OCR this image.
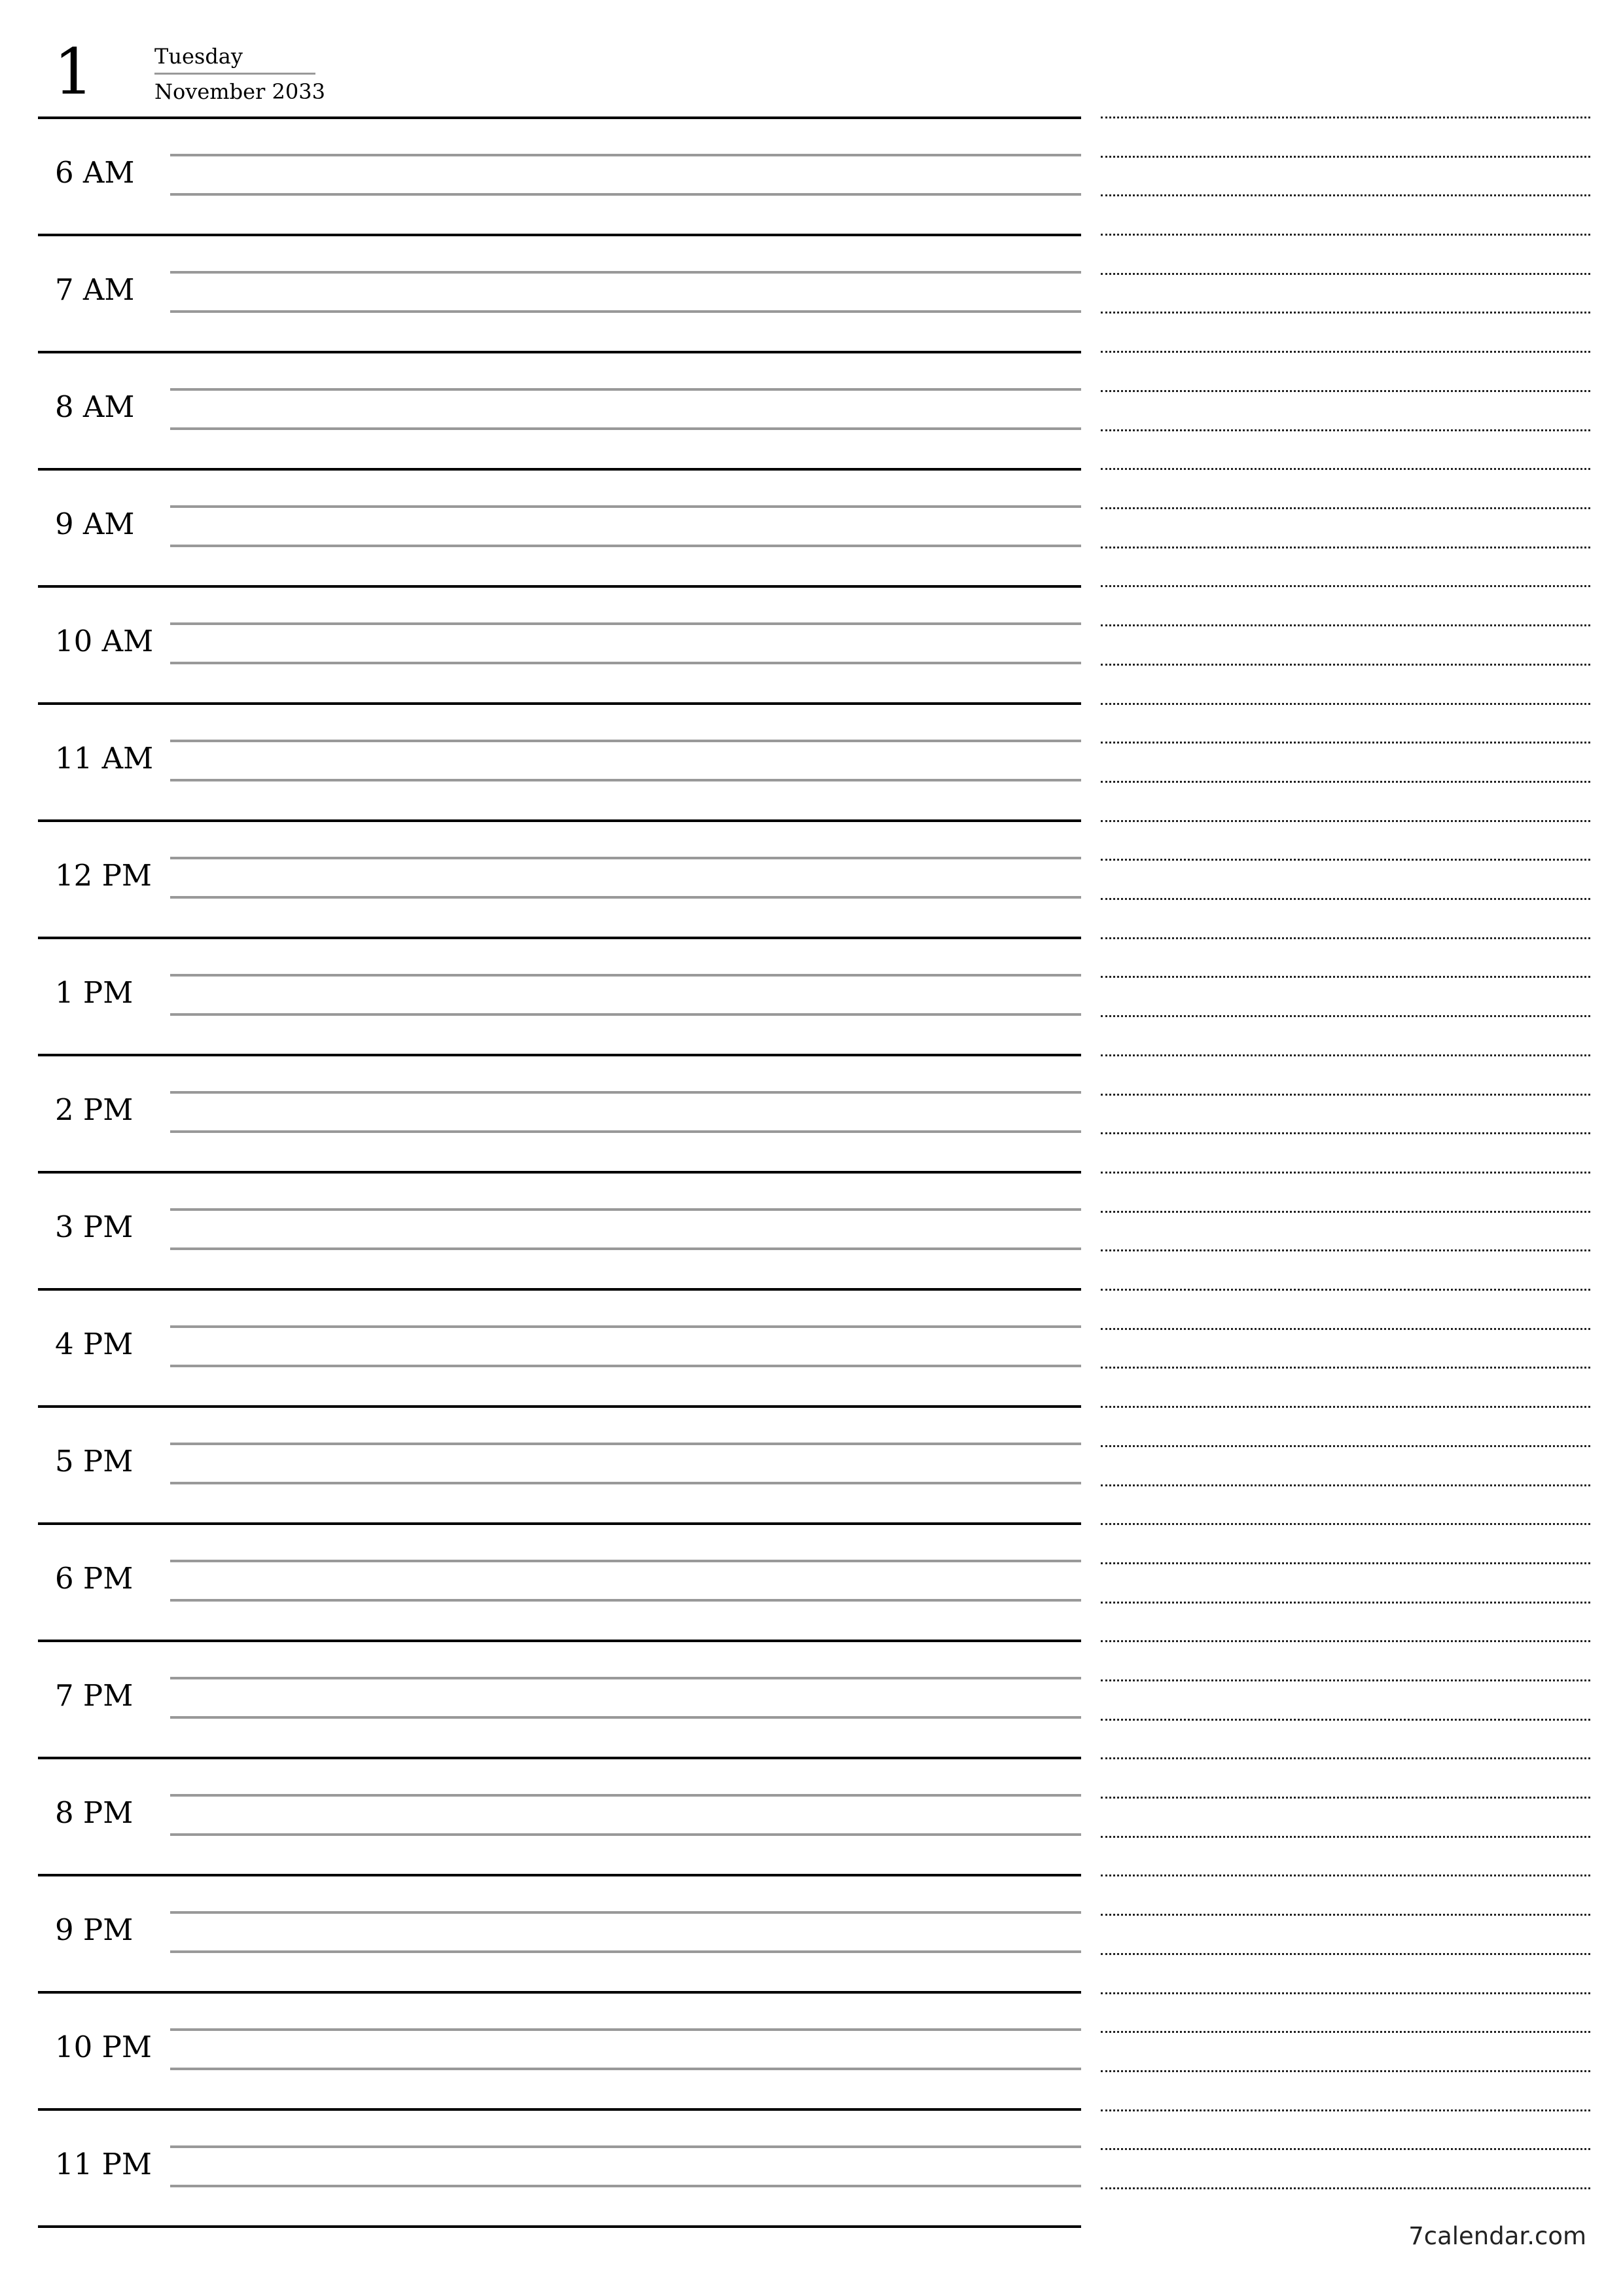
1	Tuesday
November 2033
6 AM
7 AM
8 AM
9 AM
10 AM
11 AM
12 PM
1 PM
2 PM
3 PM
4 PM
5 PM
6 PM
7 PM
8 PM
9 PM
10 PM
11 PM
7calendar.com
